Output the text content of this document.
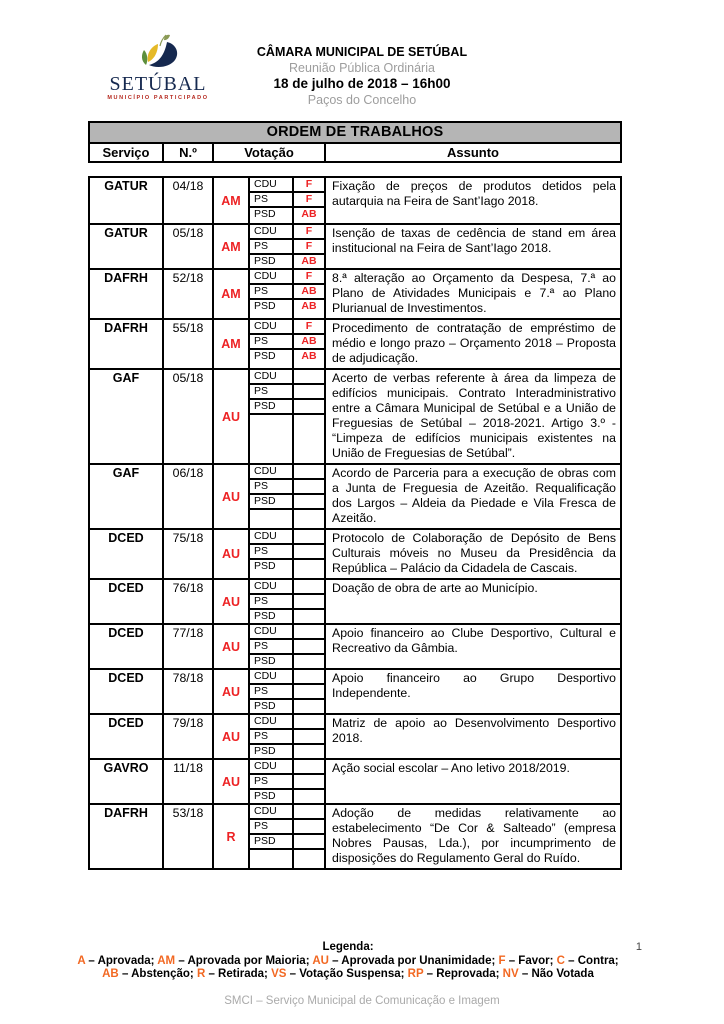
SETÚBAL
MUNICÍPIO PARTICIPADO
CÂMARA MUNICIPAL DE SETÚBAL
Reunião Pública Ordinária
18 de julho de 2018 – 16h00
Paços do Concelho
ORDEM DE TRABALHOS
Serviço	N.º	Votação	Assunto
GATUR	04/18
AM
CDU	F
PS	F
PSD	AB
Fixação de preços de produtos detidos pela autarquia na Feira de Sant’Iago 2018.
GATUR	05/18
AM
CDU	F
PS	F
PSD	AB
Isenção de taxas de cedência de stand em área institucional na Feira de Sant’Iago 2018.
DAFRH	52/18
AM
CDU	F
PS	AB
PSD	AB
8.ª alteração ao Orçamento da Despesa, 7.ª ao Plano de Atividades Municipais e 7.ª ao Plano Plurianual de Investimentos.
DAFRH	55/18
AM
CDU	F
PS	AB
PSD	AB
Procedimento de contratação de empréstimo de médio e longo prazo – Orçamento 2018 – Proposta de adjudicação.
GAF	05/18
AU
CDU
PS
PSD
Acerto de verbas referente à área da limpeza de edifícios municipais. Contrato Interadministrativo entre a Câmara Municipal de Setúbal e a União de Freguesias de Setúbal – 2018-2021. Artigo 3.º - “Limpeza de edifícios municipais existentes na União de Freguesias de Setúbal”.
GAF	06/18
AU
CDU
PS
PSD
Acordo de Parceria para a execução de obras com a Junta de Freguesia de Azeitão. Requalificação dos Largos – Aldeia da Piedade e Vila Fresca de Azeitão.
DCED	75/18
AU
CDU
PS
PSD
Protocolo de Colaboração de Depósito de Bens Culturais móveis no Museu da Presidência da República – Palácio da Cidadela de Cascais.
DCED	76/18
AU
CDU
PS
PSD
Doação de obra de arte ao Município.
DCED	77/18
AU
CDU
PS
PSD
Apoio financeiro ao Clube Desportivo, Cultural e Recreativo da Gâmbia.
DCED	78/18
AU
CDU
PS
PSD
Apoio financeiro ao Grupo Desportivo Independente.
DCED	79/18
AU
CDU
PS
PSD
Matriz de apoio ao Desenvolvimento Desportivo 2018.
GAVRO	11/18
AU
CDU
PS
PSD
Ação social escolar – Ano letivo 2018/2019.
DAFRH	53/18
R
CDU
PS
PSD
Adoção de medidas relativamente ao estabelecimento “De Cor & Salteado” (empresa Nobres Pausas, Lda.), por incumprimento de disposições do Regulamento Geral do Ruído.
Legenda:
A – Aprovada; AM – Aprovada por Maioria; AU – Aprovada por Unanimidade; F – Favor; C – Contra;
AB – Abstenção; R – Retirada; VS – Votação Suspensa; RP – Reprovada; NV – Não Votada
1
SMCI – Serviço Municipal de Comunicação e Imagem
